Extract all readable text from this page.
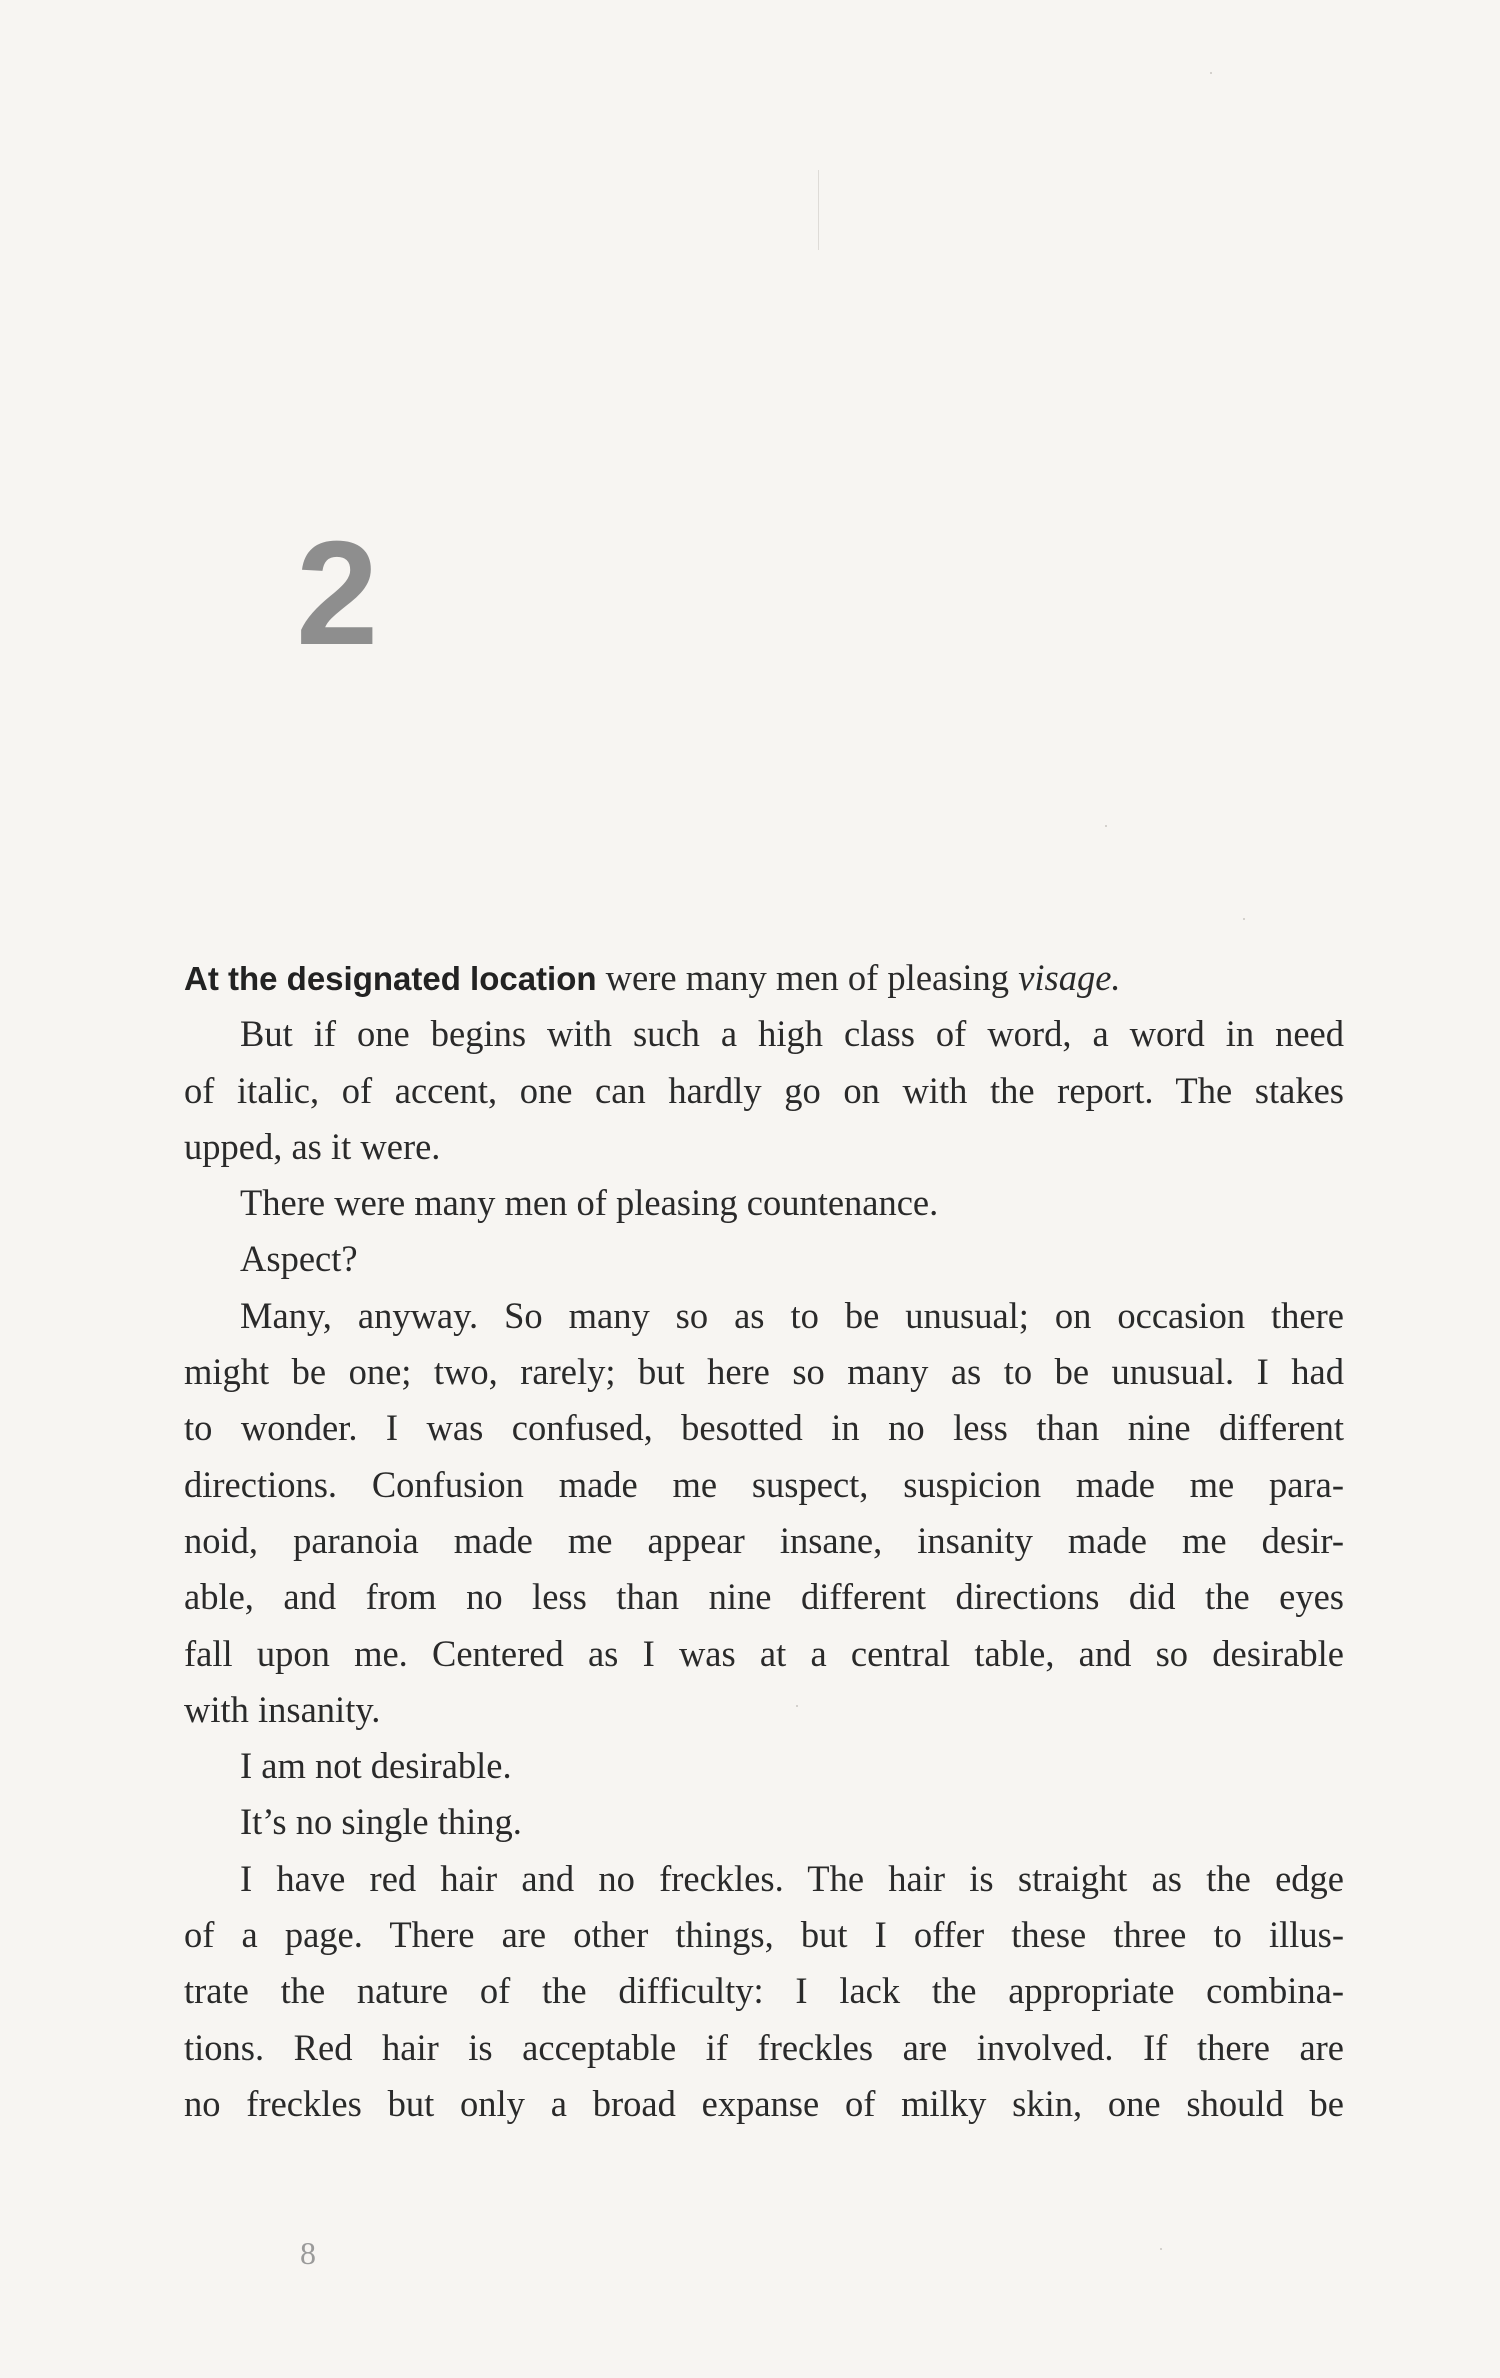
2
At the designated location were many men of pleasing visage.
But if one begins with such a high class of word, a word in need
of italic, of accent, one can hardly go on with the report. The stakes
upped, as it were.
There were many men of pleasing countenance.
Aspect?
Many, anyway. So many so as to be unusual; on occasion there
might be one; two, rarely; but here so many as to be unusual. I had
to wonder. I was confused, besotted in no less than nine different
directions. Confusion made me suspect, suspicion made me para-
noid, paranoia made me appear insane, insanity made me desir-
able, and from no less than nine different directions did the eyes
fall upon me. Centered as I was at a central table, and so desirable
with insanity.
I am not desirable.
It’s no single thing.
I have red hair and no freckles. The hair is straight as the edge
of a page. There are other things, but I offer these three to illus-
trate the nature of the difficulty: I lack the appropriate combina-
tions. Red hair is acceptable if freckles are involved. If there are
no freckles but only a broad expanse of milky skin, one should be
8
